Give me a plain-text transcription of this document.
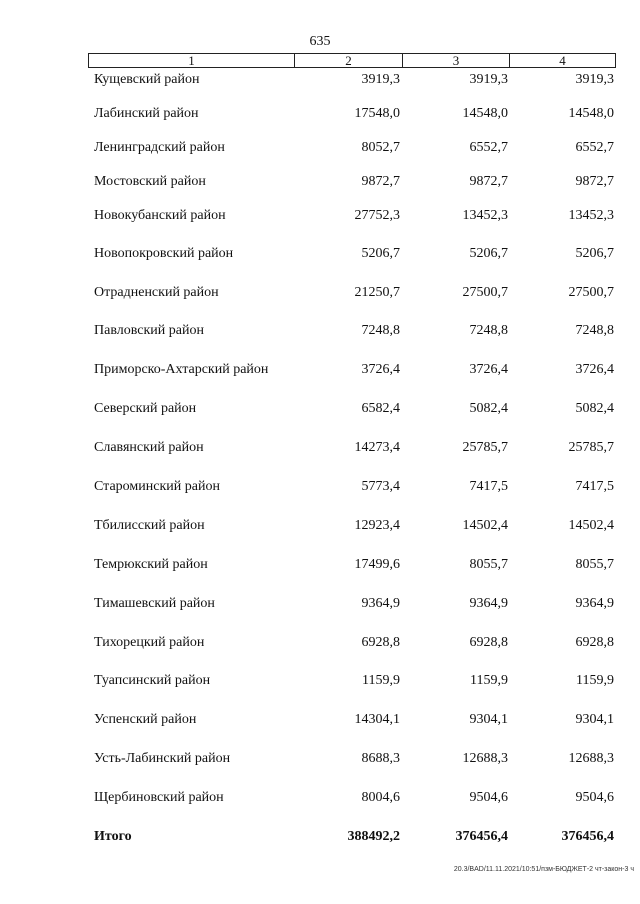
635
1	2	3	4
Кущевский район	3919,3	3919,3	3919,3
Лабинский район	17548,0	14548,0	14548,0
Ленинградский район	8052,7	6552,7	6552,7
Мостовский район	9872,7	9872,7	9872,7
Новокубанский район	27752,3	13452,3	13452,3
Новопокровский район	5206,7	5206,7	5206,7
Отрадненский район	21250,7	27500,7	27500,7
Павловский район	7248,8	7248,8	7248,8
Приморско-Ахтарский район	3726,4	3726,4	3726,4
Северский район	6582,4	5082,4	5082,4
Славянский район	14273,4	25785,7	25785,7
Староминский район	5773,4	7417,5	7417,5
Тбилисский район	12923,4	14502,4	14502,4
Темрюкский район	17499,6	8055,7	8055,7
Тимашевский район	9364,9	9364,9	9364,9
Тихорецкий район	6928,8	6928,8	6928,8
Туапсинский район	1159,9	1159,9	1159,9
Успенский район	14304,1	9304,1	9304,1
Усть-Лабинский район	8688,3	12688,3	12688,3
Щербиновский район	8004,6	9504,6	9504,6
Итого	388492,2	376456,4	376456,4
20.3/BAD/11.11.2021/10:51/пзм-БЮДЖЕТ-2 чт-закон-3 ч
